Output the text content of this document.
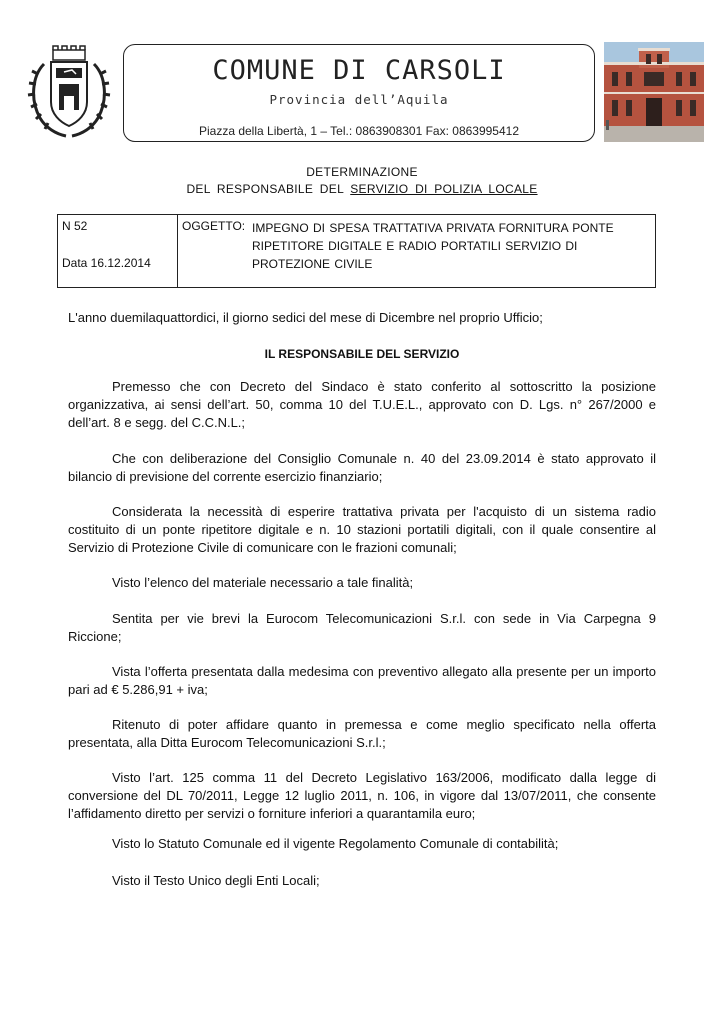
COMUNE DI CARSOLI
Provincia dell’Aquila
Piazza della Libertà, 1 – Tel.: 0863908301 Fax: 0863995412
DETERMINAZIONE
DEL RESPONSABILE DEL SERVIZIO DI POLIZIA LOCALE
N 52
Data 16.12.2014
OGGETTO: IMPEGNO DI SPESA TRATTATIVA PRIVATA FORNITURA PONTE
RIPETITORE DIGITALE E RADIO PORTATILI SERVIZIO DI
PROTEZIONE CIVILE
L'anno duemilaquattordici, il giorno sedici del mese di Dicembre nel proprio Ufficio;
IL RESPONSABILE DEL SERVIZIO
Premesso che con Decreto del Sindaco è stato conferito al sottoscritto la posizione organizzativa, ai sensi dell’art. 50, comma 10 del T.U.E.L., approvato con D. Lgs. n° 267/2000 e dell’art. 8 e segg. del C.C.N.L.;
Che con deliberazione del Consiglio Comunale n. 40 del 23.09.2014 è stato approvato il bilancio di previsione del corrente esercizio finanziario;
Considerata la necessità di esperire trattativa privata per l'acquisto di un sistema radio costituito di un ponte ripetitore digitale e n. 10 stazioni portatili digitali, con il quale consentire al Servizio di Protezione Civile di comunicare con le frazioni comunali;
Visto l’elenco del materiale necessario a tale finalità;
Sentita per vie brevi la Eurocom Telecomunicazioni S.r.l. con sede in Via Carpegna 9 Riccione;
Vista l’offerta presentata dalla medesima con preventivo allegato alla presente per un importo pari ad € 5.286,91 + iva;
Ritenuto di poter affidare quanto in premessa e come meglio specificato nella offerta presentata, alla Ditta Eurocom Telecomunicazioni S.r.l.;
Visto l’art. 125 comma 11 del Decreto Legislativo 163/2006, modificato dalla legge di conversione del DL 70/2011, Legge 12 luglio 2011, n. 106, in vigore dal 13/07/2011, che consente l’affidamento diretto per servizi o forniture inferiori a quarantamila euro;
Visto lo Statuto Comunale ed il vigente Regolamento Comunale di contabilità;
Visto il Testo Unico degli Enti Locali;
